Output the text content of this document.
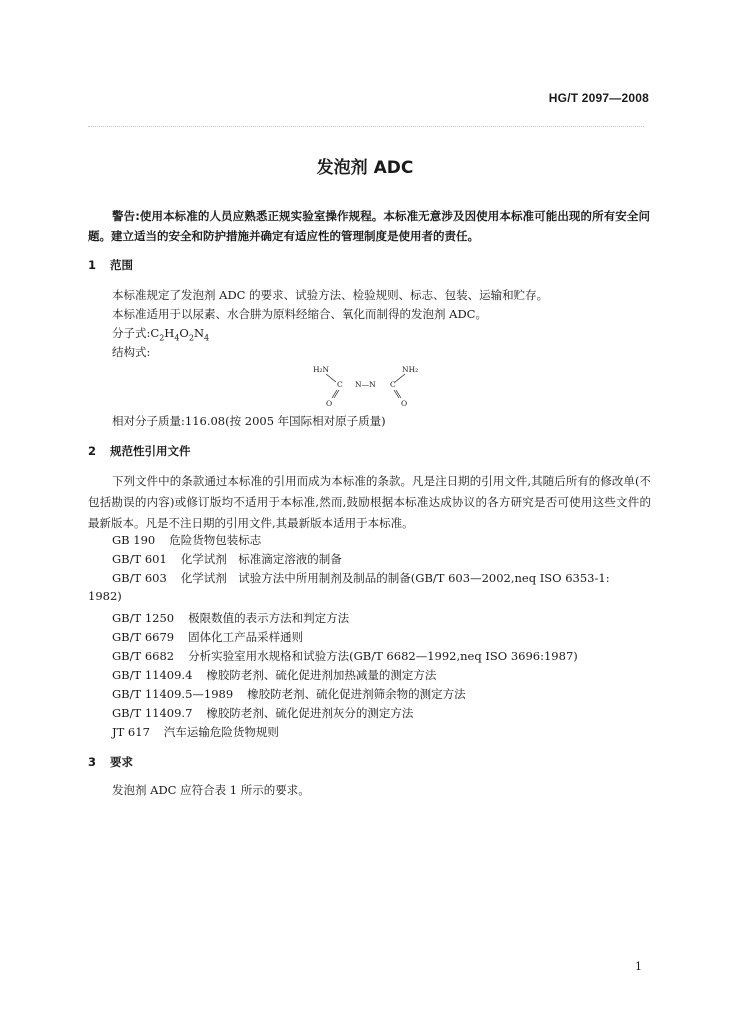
HG/T 2097—2008
发泡剂 ADC
警告:使用本标准的人员应熟悉正规实验室操作规程。本标准无意涉及因使用本标准可能出现的所有安全问题。建立适当的安全和防护措施并确定有适应性的管理制度是使用者的责任。
1 范围
本标准规定了发泡剂 ADC 的要求、试验方法、检验规则、标志、包装、运输和贮存。
本标准适用于以尿素、水合肼为原料经缩合、氧化而制得的发泡剂 ADC。
分子式$:C_2H_4O_2N_4$
结构式:
H₂N	NH₂
C N—N C
O	O
相对分子质量:116.08(按 2005 年国际相对原子质量)
2 规范性引用文件
下列文件中的条款通过本标准的引用而成为本标准的条款。凡是注日期的引用文件,其随后所有的修改单(不包括勘误的内容)或修订版均不适用于本标准,然而,鼓励根据本标准达成协议的各方研究是否可使用这些文件的最新版本。凡是不注日期的引用文件,其最新版本适用于本标准。
GB 190 危险货物包装标志
GB/T 601 化学试剂　标准滴定溶液的制备
GB/T 603 化学试剂　试验方法中所用制剂及制品的制备(GB/T 603—2002,neq ISO 6353-1:
1982)
GB/T 1250 极限数值的表示方法和判定方法
GB/T 6679 固体化工产品采样通则
GB/T 6682 分析实验室用水规格和试验方法(GB/T 6682—1992,neq ISO 3696:1987)
GB/T 11409.4 橡胶防老剂、硫化促进剂加热减量的测定方法
GB/T 11409.5—1989 橡胶防老剂、硫化促进剂筛余物的测定方法
GB/T 11409.7 橡胶防老剂、硫化促进剂灰分的测定方法
JT 617 汽车运输危险货物规则
3 要求
发泡剂 ADC 应符合表 1 所示的要求。
1
